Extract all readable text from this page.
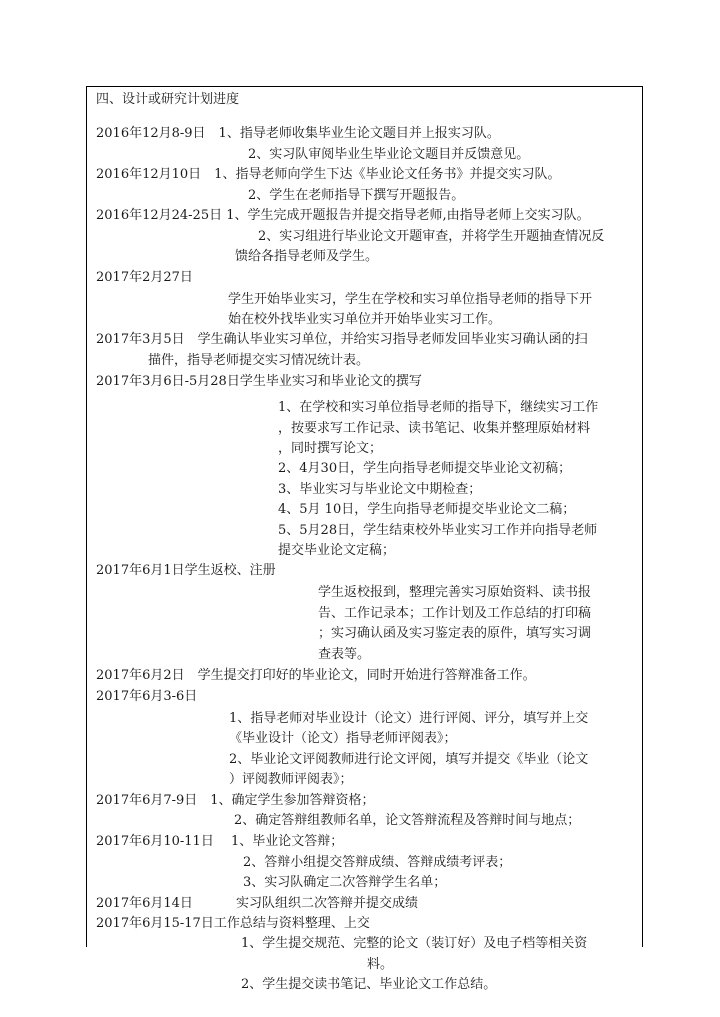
四、设计或研究计划进度
2016年12月8-9日　1、指导老师收集毕业生论文题目并上报实习队。
2、实习队审阅毕业生毕业论文题目并反馈意见。
2016年12月10日　1、指导老师向学生下达《毕业论文任务书》并提交实习队。
2、学生在老师指导下撰写开题报告。
2016年12月24-25日 1、学生完成开题报告并提交指导老师,由指导老师上交实习队。
2、实习组进行毕业论文开题审查，并将学生开题抽查情况反
馈给各指导老师及学生。
2017年2月27日
学生开始毕业实习，学生在学校和实习单位指导老师的指导下开
始在校外找毕业实习单位并开始毕业实习工作。
2017年3月5日　学生确认毕业实习单位，并给实习指导老师发回毕业实习确认函的扫
描件，指导老师提交实习情况统计表。
2017年3月6日-5月28日学生毕业实习和毕业论文的撰写
1、在学校和实习单位指导老师的指导下，继续实习工作
，按要求写工作记录、读书笔记、收集并整理原始材料
，同时撰写论文；
2、4月30日，学生向指导老师提交毕业论文初稿；
3、毕业实习与毕业论文中期检查；
4、5月 10日，学生向指导老师提交毕业论文二稿；
5、5月28日，学生结束校外毕业实习工作并向指导老师
提交毕业论文定稿；
2017年6月1日学生返校、注册
学生返校报到，整理完善实习原始资料、读书报
告、工作记录本；工作计划及工作总结的打印稿
；实习确认函及实习鉴定表的原件，填写实习调
查表等。
2017年6月2日　学生提交打印好的毕业论文，同时开始进行答辩准备工作。
2017年6月3-6日
1、指导老师对毕业设计（论文）进行评阅、评分，填写并上交
《毕业设计（论文）指导老师评阅表》；
2、毕业论文评阅教师进行论文评阅，填写并提交《毕业（论文
）评阅教师评阅表》；
2017年6月7-9日　1、确定学生参加答辩资格；
2、确定答辩组教师名单，论文答辩流程及答辩时间与地点；
2017年6月10-11日　 1、毕业论文答辩；
2、答辩小组提交答辩成绩、答辩成绩考评表；
3、实习队确定二次答辩学生名单；
2017年6月14日　　　 实习队组织二次答辩并提交成绩
2017年6月15-17日工作总结与资料整理、上交
1、学生提交规范、完整的论文（装订好）及电子档等相关资
料。
2、学生提交读书笔记、毕业论文工作总结。
